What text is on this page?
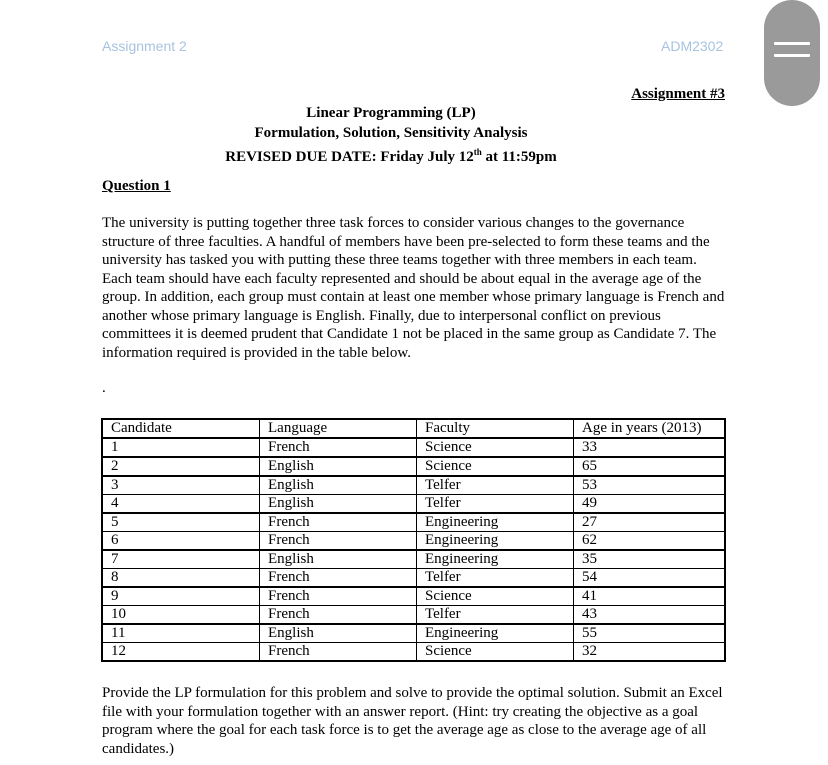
Assignment 2	ADM2302
Assignment #3
Linear Programming (LP)
Formulation, Solution, Sensitivity Analysis
REVISED DUE DATE: Friday July 12th at 11:59pm
Question 1
The university is putting together three task forces to consider various changes to the governance structure of three faculties. A handful of members have been pre-selected to form these teams and the university has tasked you with putting these three teams together with three members in each team. Each team should have each faculty represented and should be about equal in the average age of the group. In addition, each group must contain at least one member whose primary language is French and another whose primary language is English. Finally, due to interpersonal conflict on previous committees it is deemed prudent that Candidate 1 not be placed in the same group as Candidate 7. The information required is provided in the table below.
.
Candidate	Language	Faculty	Age in years (2013)
1	French	Science	33
2	English	Science	65
3	English	Telfer	53
4	English	Telfer	49
5	French	Engineering	27
6	French	Engineering	62
7	English	Engineering	35
8	French	Telfer	54
9	French	Science	41
10	French	Telfer	43
11	English	Engineering	55
12	French	Science	32
Provide the LP formulation for this problem and solve to provide the optimal solution. Submit an Excel file with your formulation together with an answer report. (Hint: try creating the objective as a goal program where the goal for each task force is to get the average age as close to the average age of all candidates.)
